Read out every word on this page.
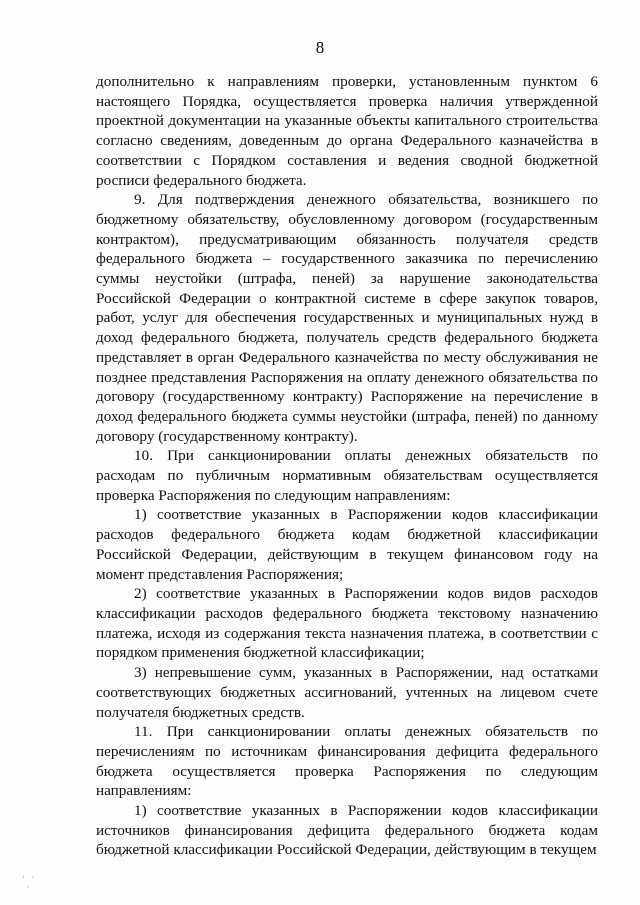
8

дополнительно к направлениям проверки, установленным пунктом 6 настоящего Порядка, осуществляется проверка наличия утвержденной проектной документации на указанные объекты капитального строительства согласно сведениям, доведенным до органа Федерального казначейства в соответствии с Порядком составления и ведения сводной бюджетной росписи федерального бюджета.

9. Для подтверждения денежного обязательства, возникшего по бюджетному обязательству, обусловленному договором (государственным контрактом), предусматривающим обязанность получателя средств федерального бюджета – государственного заказчика по перечислению суммы неустойки (штрафа, пеней) за нарушение законодательства Российской Федерации о контрактной системе в сфере закупок товаров, работ, услуг для обеспечения государственных и муниципальных нужд в доход федерального бюджета, получатель средств федерального бюджета представляет в орган Федерального казначейства по месту обслуживания не позднее представления Распоряжения на оплату денежного обязательства по договору (государственному контракту) Распоряжение на перечисление в доход федерального бюджета суммы неустойки (штрафа, пеней) по данному договору (государственному контракту).

10. При санкционировании оплаты денежных обязательств по расходам по публичным нормативным обязательствам осуществляется проверка Распоряжения по следующим направлениям:

1) соответствие указанных в Распоряжении кодов классификации расходов федерального бюджета кодам бюджетной классификации Российской Федерации, действующим в текущем финансовом году на момент представления Распоряжения;

2) соответствие указанных в Распоряжении кодов видов расходов классификации расходов федерального бюджета текстовому назначению платежа, исходя из содержания текста назначения платежа, в соответствии с порядком применения бюджетной классификации;

3) непревышение сумм, указанных в Распоряжении, над остатками соответствующих бюджетных ассигнований, учтенных на лицевом счете получателя бюджетных средств.

11. При санкционировании оплаты денежных обязательств по перечислениям по источникам финансирования дефицита федерального бюджета осуществляется проверка Распоряжения по следующим направлениям:

1) соответствие указанных в Распоряжении кодов классификации источников финансирования дефицита федерального бюджета кодам бюджетной классификации Российской Федерации, действующим в текущем

· ·
·
